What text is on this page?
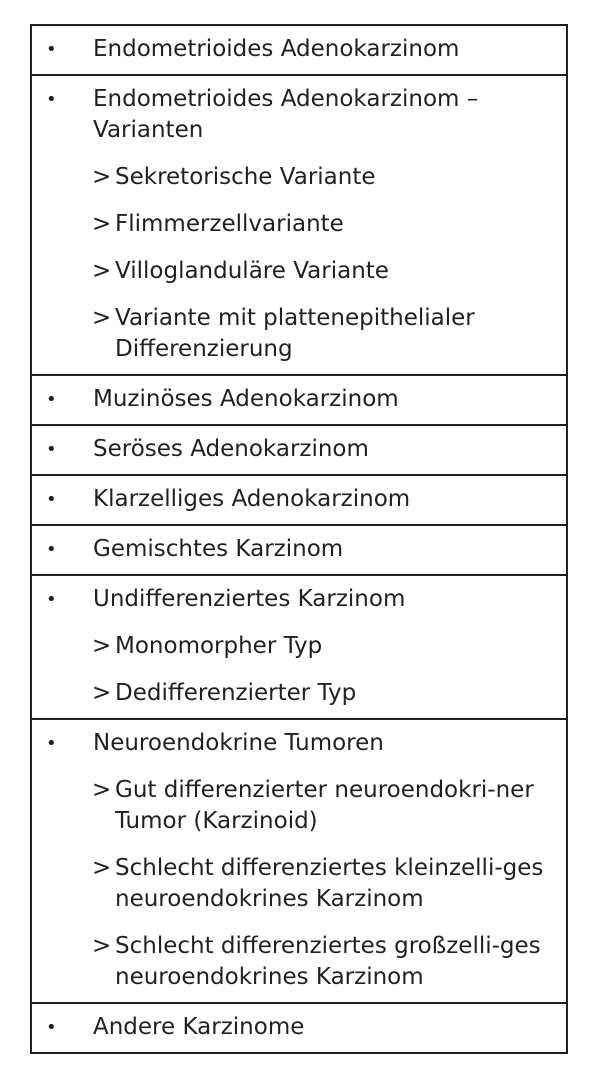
•	Endometrioides Adenokarzinom
•	Endometrioides Adenokarzinom – Varianten
> Sekretorische Variante
> Flimmerzellvariante
> Villoglanduläre Variante
> Variante mit plattenepithelialer Differenzierung
•	Muzinöses Adenokarzinom
•	Seröses Adenokarzinom
•	Klarzelliges Adenokarzinom
•	Gemischtes Karzinom
•	Undifferenziertes Karzinom
> Monomorpher Typ
> Dedifferenzierter Typ
•	Neuroendokrine Tumoren
> Gut differenzierter neuroendokri-ner Tumor (Karzinoid)
> Schlecht differenziertes kleinzelli-ges neuroendokrines Karzinom
> Schlecht differenziertes großzelli-ges neuroendokrines Karzinom
•	Andere Karzinome
